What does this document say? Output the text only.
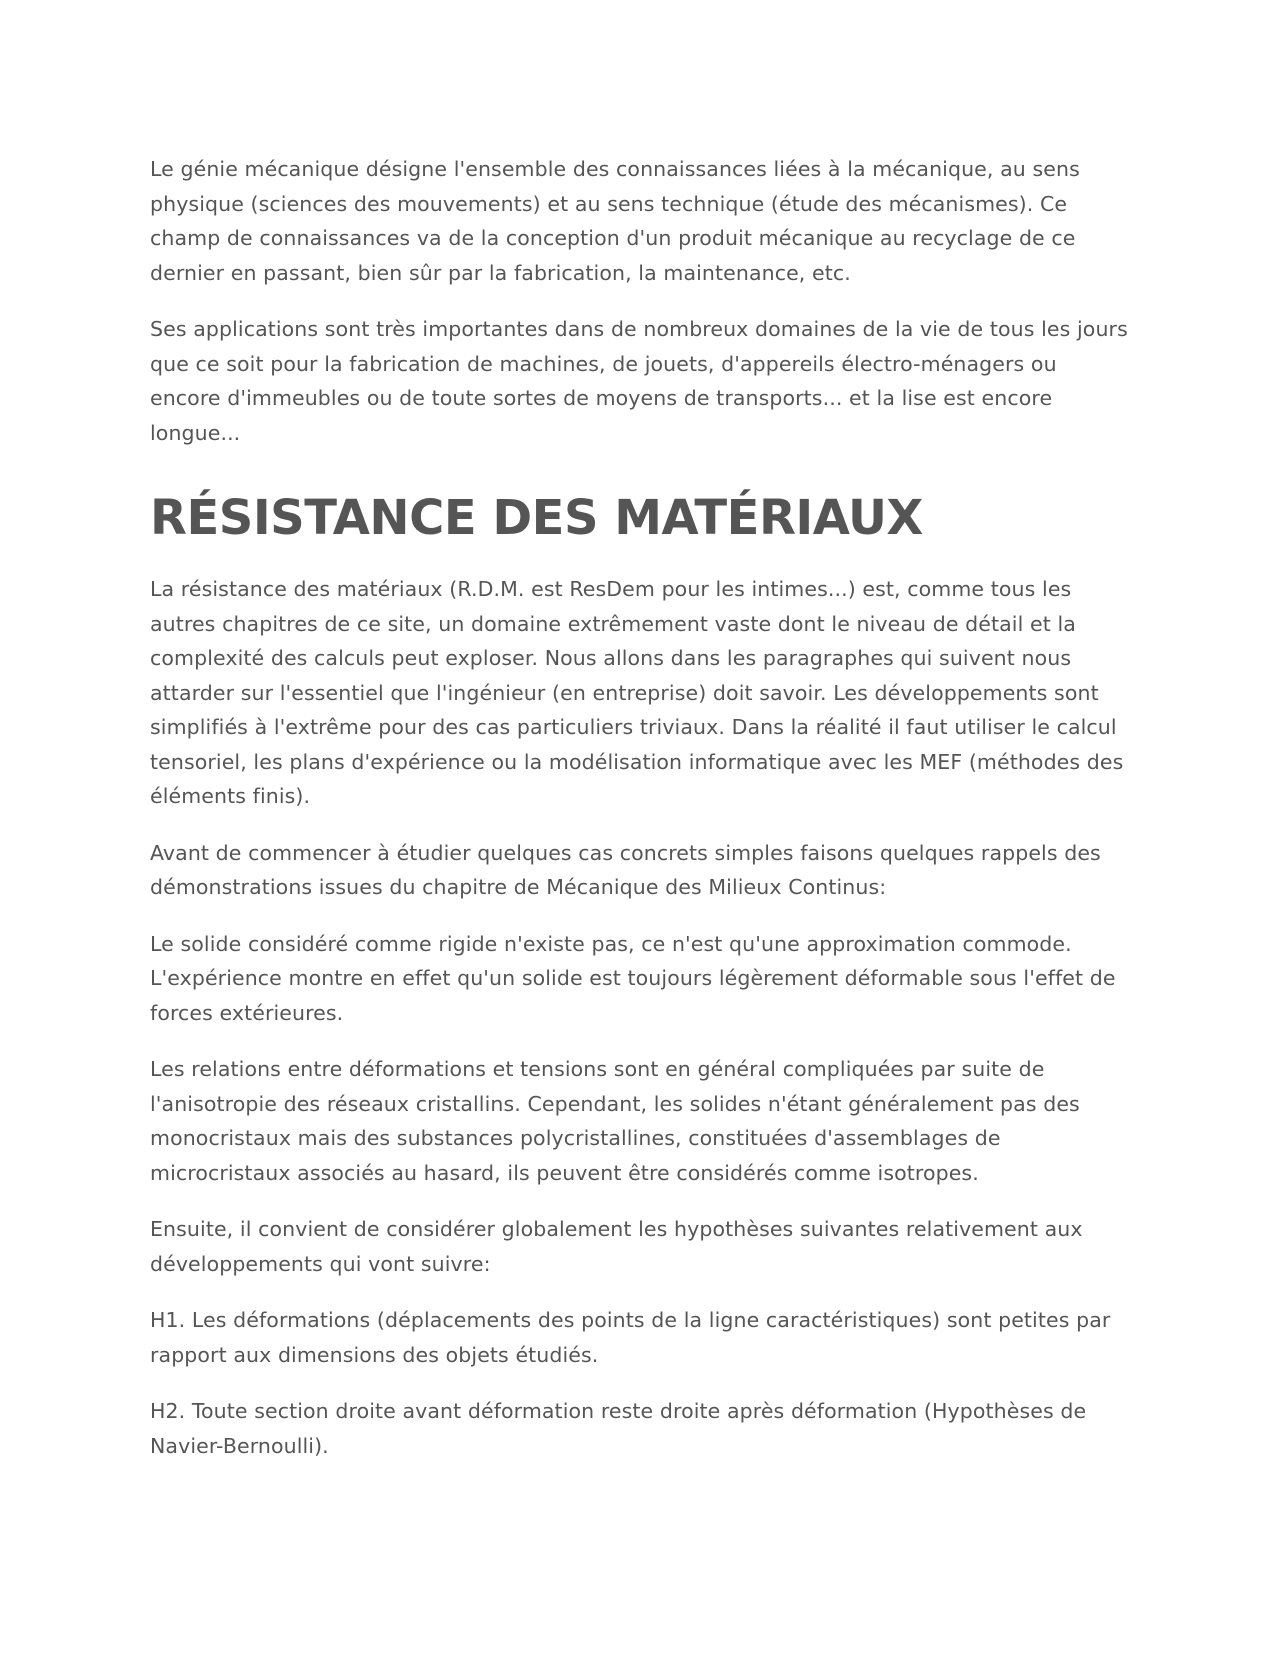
Le génie mécanique désigne l'ensemble des connaissances liées à la mécanique, au sens physique (sciences des mouvements) et au sens technique (étude des mécanismes). Ce champ de connaissances va de la conception d'un produit mécanique au recyclage de ce dernier en passant, bien sûr par la fabrication, la maintenance, etc.

Ses applications sont très importantes dans de nombreux domaines de la vie de tous les jours que ce soit pour la fabrication de machines, de jouets, d'appereils électro-ménagers ou encore d'immeubles ou de toute sortes de moyens de transports... et la lise est encore longue...

RÉSISTANCE DES MATÉRIAUX

La résistance des matériaux (R.D.M. est ResDem pour les intimes...) est, comme tous les autres chapitres de ce site, un domaine extrêmement vaste dont le niveau de détail et la complexité des calculs peut exploser. Nous allons dans les paragraphes qui suivent nous attarder sur l'essentiel que l'ingénieur (en entreprise) doit savoir. Les développements sont simplifiés à l'extrême pour des cas particuliers triviaux. Dans la réalité il faut utiliser le calcul tensoriel, les plans d'expérience ou la modélisation informatique avec les MEF (méthodes des éléments finis).

Avant de commencer à étudier quelques cas concrets simples faisons quelques rappels des démonstrations issues du chapitre de Mécanique des Milieux Continus:

Le solide considéré comme rigide n'existe pas, ce n'est qu'une approximation commode. L'expérience montre en effet qu'un solide est toujours légèrement déformable sous l'effet de forces extérieures.

Les relations entre déformations et tensions sont en général compliquées par suite de l'anisotropie des réseaux cristallins. Cependant, les solides n'étant généralement pas des monocristaux mais des substances polycristallines, constituées d'assemblages de microcristaux associés au hasard, ils peuvent être considérés comme isotropes.

Ensuite, il convient de considérer globalement les hypothèses suivantes relativement aux développements qui vont suivre:

H1. Les déformations (déplacements des points de la ligne caractéristiques) sont petites par rapport aux dimensions des objets étudiés.

H2. Toute section droite avant déformation reste droite après déformation (Hypothèses de Navier-Bernoulli).
